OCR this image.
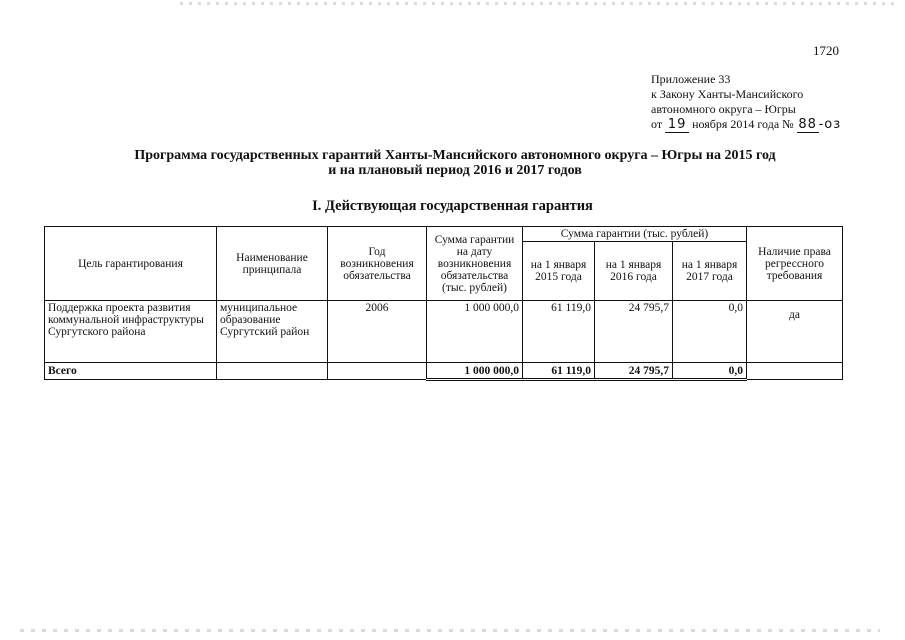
1720
Приложение 33
к Закону Ханты-Мансийского
автономного округа – Югры
от 19 ноября 2014 года № 88 -оз
Программа государственных гарантий Ханты-Мансийского автономного округа – Югры на 2015 год
и на плановый период 2016 и 2017 годов
I. Действующая государственная гарантия
Цель гарантирования	Наименование принципала	Год возникновения обязательства	Сумма гарантии на дату возникновения обязательства (тыс. рублей)	Сумма гарантии (тыс. рублей)			Наличие права регрессного требования
				на 1 января 2015 года	на 1 января 2016 года	на 1 января 2017 года	
Поддержка проекта развития коммунальной инфраструктуры Сургутского района	муниципальное образование Сургутский район	2006	1 000 000,0	61 119,0	24 795,7	0,0	да
Всего			1 000 000,0	61 119,0	24 795,7	0,0	
